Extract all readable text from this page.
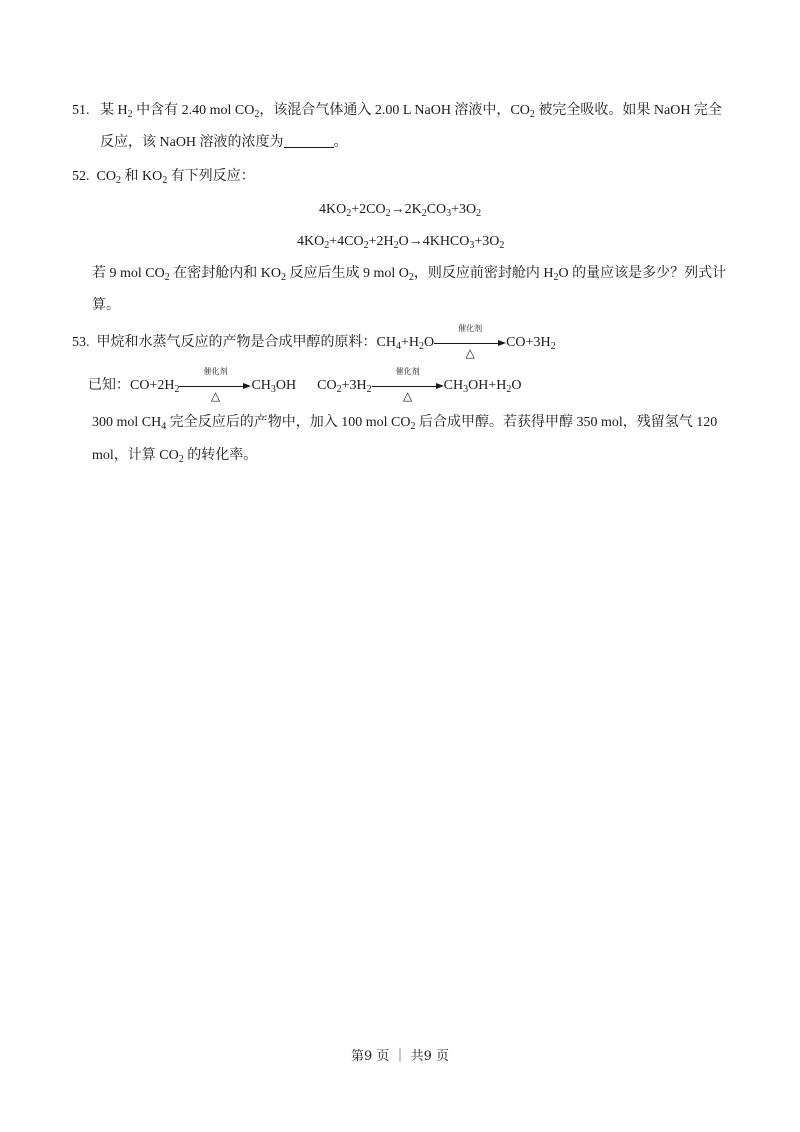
51. 某 $H_2$ 中含有 2.40 mol $CO_2$，该混合气体通入 2.00 L NaOH 溶液中，$CO_2$ 被完全吸收。如果 NaOH 完全
反应，该 NaOH 溶液的浓度为	。
52. $CO_2$ 和 $KO_2$ 有下列反应：
$4KO_2+2CO_2\to 2K_2CO_3+3O_2$
$4KO_2+4CO_2+2H_2O\to 4KHCO_3+3O_2$
若 9 mol $CO_2$ 在密封舱内和 $KO_2$ 反应后生成 9 mol $O_2$，则反应前密封舱内 $H_2O$ 的量应该是多少？列式计
算。
53. 甲烷和水蒸气反应的产物是合成甲醇的原料：$CH_4+H_2O$
催化剂
△
$CO+3H_2$
已知：$CO+2H_2$
催化剂
△
$CH_3OH$ $CO_2+3H_2$
催化剂
△
$CH_3OH+H_2O$
300 mol $CH_4$ 完全反应后的产物中，加入 100 mol $CO_2$ 后合成甲醇。若获得甲醇 350 mol，残留氢气 120
mol，计算 $CO_2$ 的转化率。
第9 页 ｜ 共9 页
